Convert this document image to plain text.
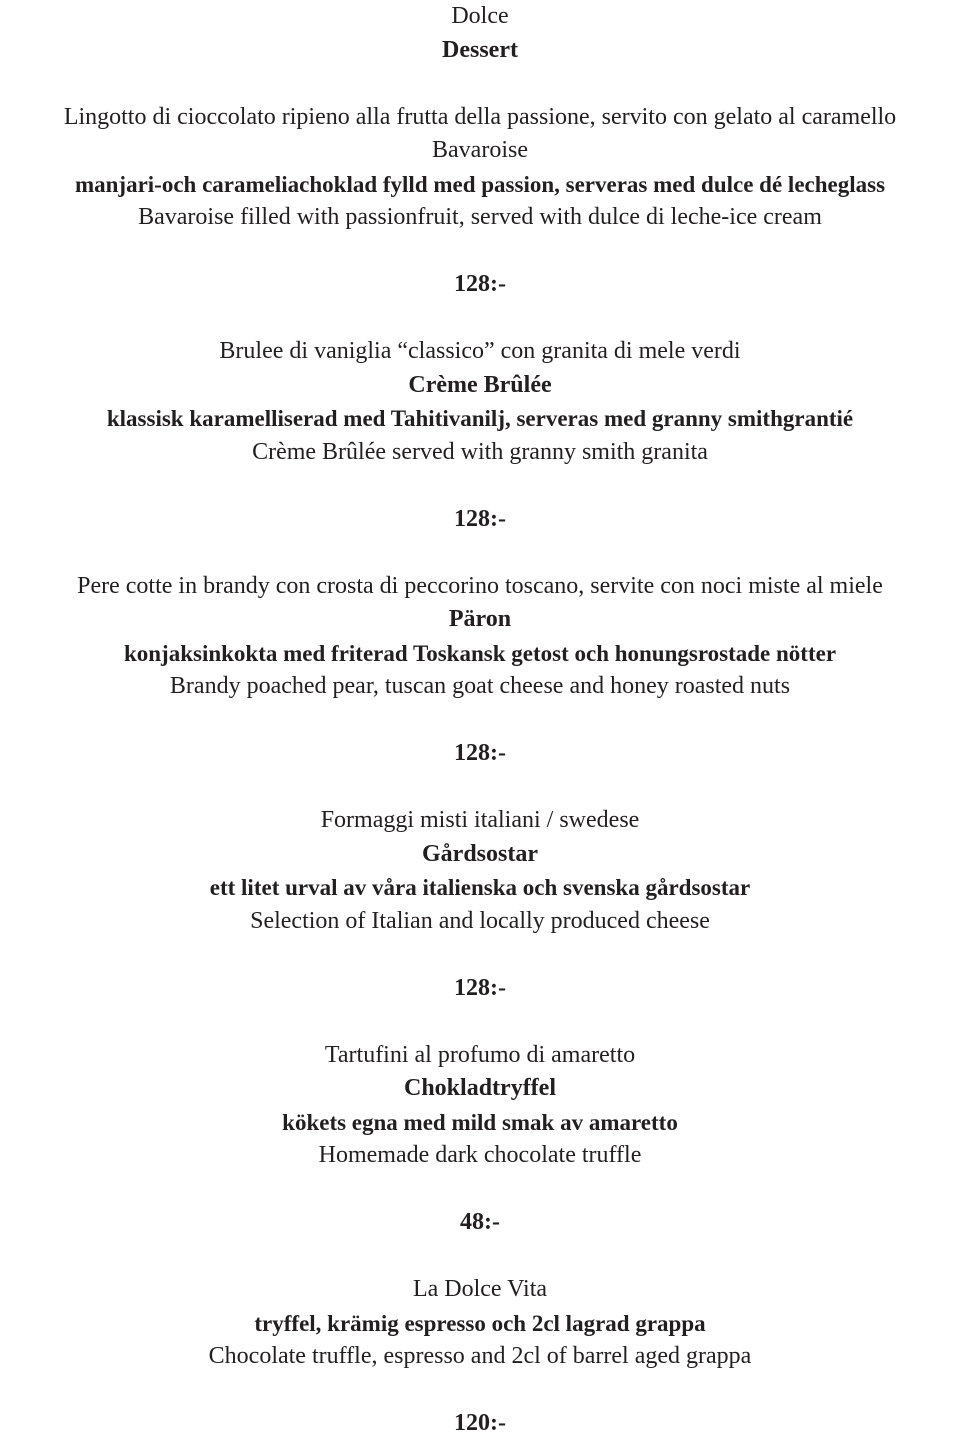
Dolce
Dessert
Lingotto di cioccolato ripieno alla frutta della passione, servito con gelato al caramello
Bavaroise
manjari-och carameliachoklad fylld med passion, serveras med dulce dé lecheglass
Bavaroise filled with passionfruit, served with dulce di leche-ice cream
128:-
Brulee di vaniglia “classico” con granita di mele verdi
Crème Brûlée
klassisk karamelliserad med Tahitivanilj, serveras med granny smithgrantié
Crème Brûlée served with granny smith granita
128:-
Pere cotte in brandy con crosta di peccorino toscano, servite con noci miste al miele
Päron
konjaksinkokta med friterad Toskansk getost och honungsrostade nötter
Brandy poached pear, tuscan goat cheese and honey roasted nuts
128:-
Formaggi misti italiani / swedese
Gårdsostar
ett litet urval av våra italienska och svenska gårdsostar
Selection of Italian and locally produced cheese
128:-
Tartufini al profumo di amaretto
Chokladtryffel
kökets egna med mild smak av amaretto
Homemade dark chocolate truffle
48:-
La Dolce Vita
tryffel, krämig espresso och 2cl lagrad grappa
Chocolate truffle, espresso and 2cl of barrel aged grappa
120:-
